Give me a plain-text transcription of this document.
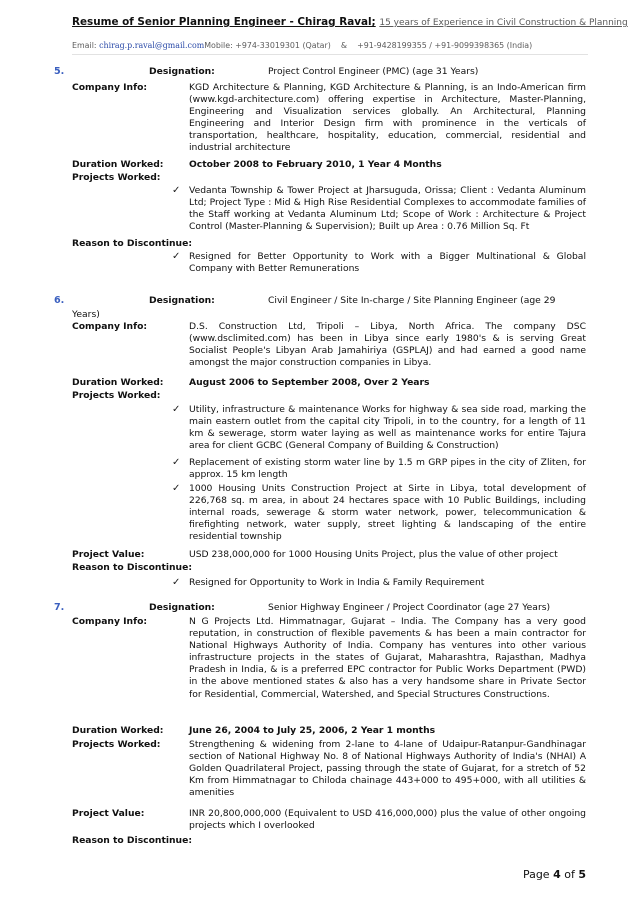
Resume of Senior Planning Engineer - Chirag Raval; 15 years of Experience in Civil Construction & Planning
Email: chirag.p.raval@gmail.comMobile: +974-33019301 (Qatar) & +91-9428199355 / +91-9099398365 (India)
5.	Designation:	Project Control Engineer (PMC) (age 31 Years)
Company Info:	KGD Architecture & Planning, KGD Architecture & Planning, is an Indo-American firm (www.kgd-architecture.com) offering expertise in Architecture, Master-Planning, Engineering and Visualization services globally. An Architectural, Planning Engineering and Interior Design firm with prominence in the verticals of transportation, healthcare, hospitality, education, commercial, residential and industrial architecture
Duration Worked:	October 2008 to February 2010, 1 Year 4 Months
Projects Worked:
✓ Vedanta Township & Tower Project at Jharsuguda, Orissa; Client : Vedanta Aluminum Ltd; Project Type : Mid & High Rise Residential Complexes to accommodate families of the Staff working at Vedanta Aluminum Ltd; Scope of Work : Architecture & Project Control (Master-Planning & Supervision); Built up Area : 0.76 Million Sq. Ft
Reason to Discontinue:
✓ Resigned for Better Opportunity to Work with a Bigger Multinational & Global Company with Better Remunerations
6.	Designation:	Civil Engineer / Site In-charge / Site Planning Engineer (age 29
Years)
Company Info:	D.S. Construction Ltd, Tripoli – Libya, North Africa. The company DSC (www.dsclimited.com) has been in Libya since early 1980's & is serving Great Socialist People's Libyan Arab Jamahiriya (GSPLAJ) and had earned a good name amongst the major construction companies in Libya.
Duration Worked:	August 2006 to September 2008, Over 2 Years
Projects Worked:
✓ Utility, infrastructure & maintenance Works for highway & sea side road, marking the main eastern outlet from the capital city Tripoli, in to the country, for a length of 11 km & sewerage, storm water laying as well as maintenance works for entire Tajura area for client GCBC (General Company of Building & Construction)
✓ Replacement of existing storm water line by 1.5 m GRP pipes in the city of Zliten, for approx. 15 km length
✓ 1000 Housing Units Construction Project at Sirte in Libya, total development of 226,768 sq. m area, in about 24 hectares space with 10 Public Buildings, including internal roads, sewerage & storm water network, power, telecommunication & firefighting network, water supply, street lighting & landscaping of the entire residential township
Project Value:	USD 238,000,000 for 1000 Housing Units Project, plus the value of other project
Reason to Discontinue:
✓ Resigned for Opportunity to Work in India & Family Requirement
7.	Designation:	Senior Highway Engineer / Project Coordinator (age 27 Years)
Company Info:	N G Projects Ltd. Himmatnagar, Gujarat – India. The Company has a very good reputation, in construction of flexible pavements & has been a main contractor for National Highways Authority of India. Company has ventures into other various infrastructure projects in the states of Gujarat, Maharashtra, Rajasthan, Madhya Pradesh in India, & is a preferred EPC contractor for Public Works Department (PWD) in the above mentioned states & also has a very handsome share in Private Sector for Residential, Commercial, Watershed, and Special Structures Constructions.
Duration Worked:	June 26, 2004 to July 25, 2006, 2 Year 1 months
Projects Worked:	Strengthening & widening from 2-lane to 4-lane of Udaipur-Ratanpur-Gandhinagar section of National Highway No. 8 of National Highways Authority of India's (NHAI) A Golden Quadrilateral Project, passing through the state of Gujarat, for a stretch of 52 Km from Himmatnagar to Chiloda chainage 443+000 to 495+000, with all utilities & amenities
Project Value:	INR 20,800,000,000 (Equivalent to USD 416,000,000) plus the value of other ongoing projects which I overlooked
Reason to Discontinue:
Page 4 of 5
